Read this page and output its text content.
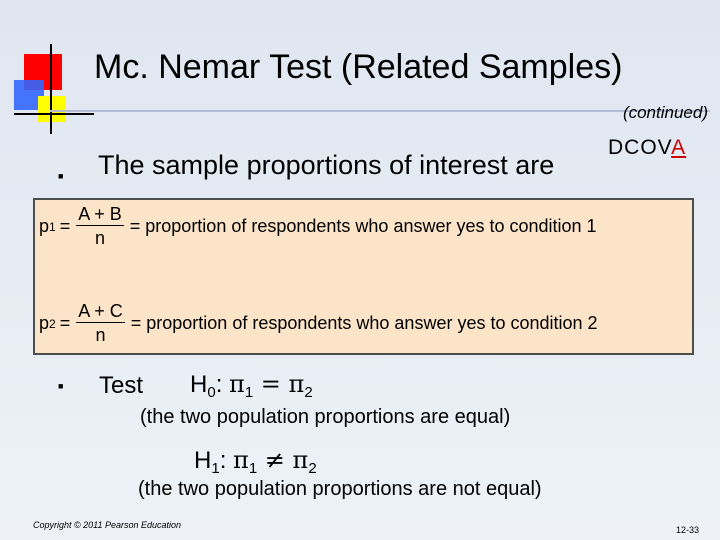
Mc. Nemar Test (Related Samples)
(continued)
DCOVA
■ The sample proportions of interest are
p $1 = \frac{A + B}{n}$ = proportion of respondents who answer yes to condition 1
p $2 = \frac{A + C}{n}$ = proportion of respondents who answer yes to condition 2
■ Test $H_0$: $\pi_1 = \pi_2$
(the two population proportions are equal)
$H_1$: $\pi_1 \ne \pi_2$
(the two population proportions are not equal)
Copyright © 2011 Pearson Education	12-33
